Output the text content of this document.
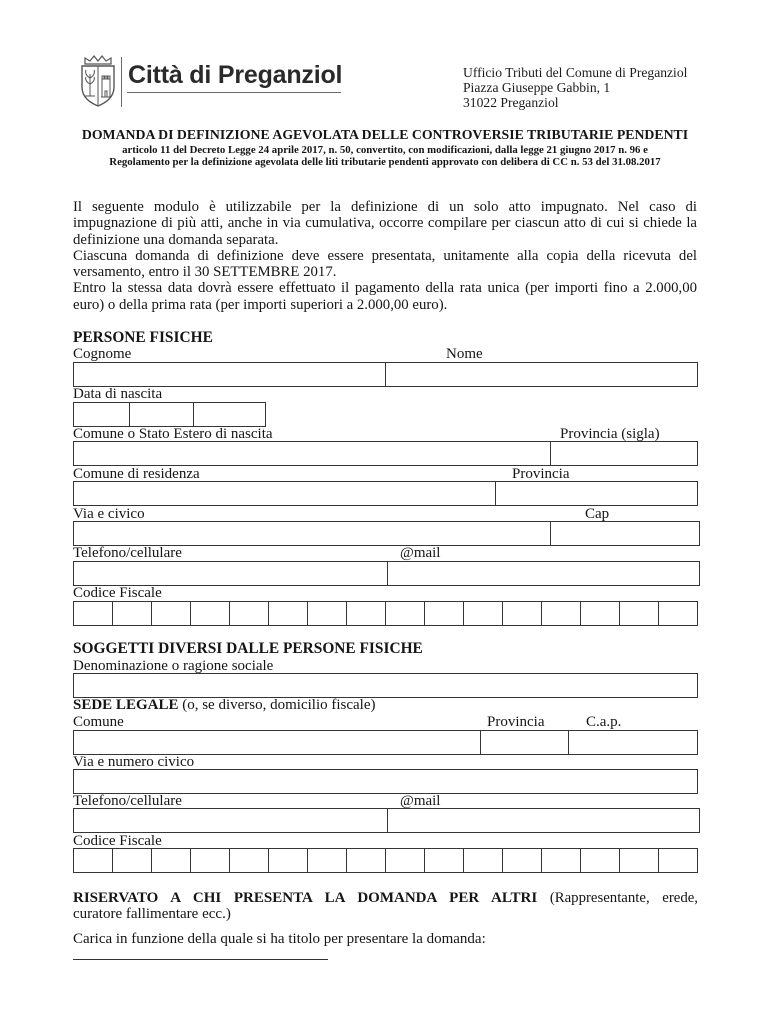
Città di Preganziol	Ufficio Tributi del Comune di Preganziol
Piazza Giuseppe Gabbin, 1
31022 Preganziol
DOMANDA DI DEFINIZIONE AGEVOLATA DELLE CONTROVERSIE TRIBUTARIE PENDENTI
articolo 11 del Decreto Legge 24 aprile 2017, n. 50, convertito, con modificazioni, dalla legge 21 giugno 2017 n. 96 e
Regolamento per la definizione agevolata delle liti tributarie pendenti approvato con delibera di CC n. 53 del 31.08.2017
Il seguente modulo è utilizzabile per la definizione di un solo atto impugnato. Nel caso di
impugnazione di più atti, anche in via cumulativa, occorre compilare per ciascun atto di cui si chiede la
definizione una domanda separata.
Ciascuna domanda di definizione deve essere presentata, unitamente alla copia della ricevuta del
versamento, entro il 30 SETTEMBRE 2017.
Entro la stessa data dovrà essere effettuato il pagamento della rata unica (per importi fino a 2.000,00
euro) o della prima rata (per importi superiori a 2.000,00 euro).
PERSONE FISICHE
Cognome	Nome
Data di nascita
Comune o Stato Estero di nascita	Provincia (sigla)
Comune di residenza	Provincia
Via e civico	Cap
Telefono/cellulare	@mail
Codice Fiscale
SOGGETTI DIVERSI DALLE PERSONE FISICHE
Denominazione o ragione sociale
SEDE LEGALE (o, se diverso, domicilio fiscale)
Comune	Provincia	C.a.p.
Via e numero civico
Telefono/cellulare	@mail
Codice Fiscale
RISERVATO A CHI PRESENTA LA DOMANDA PER ALTRI (Rappresentante, erede,
curatore fallimentare ecc.)
Carica in funzione della quale si ha titolo per presentare la domanda:
